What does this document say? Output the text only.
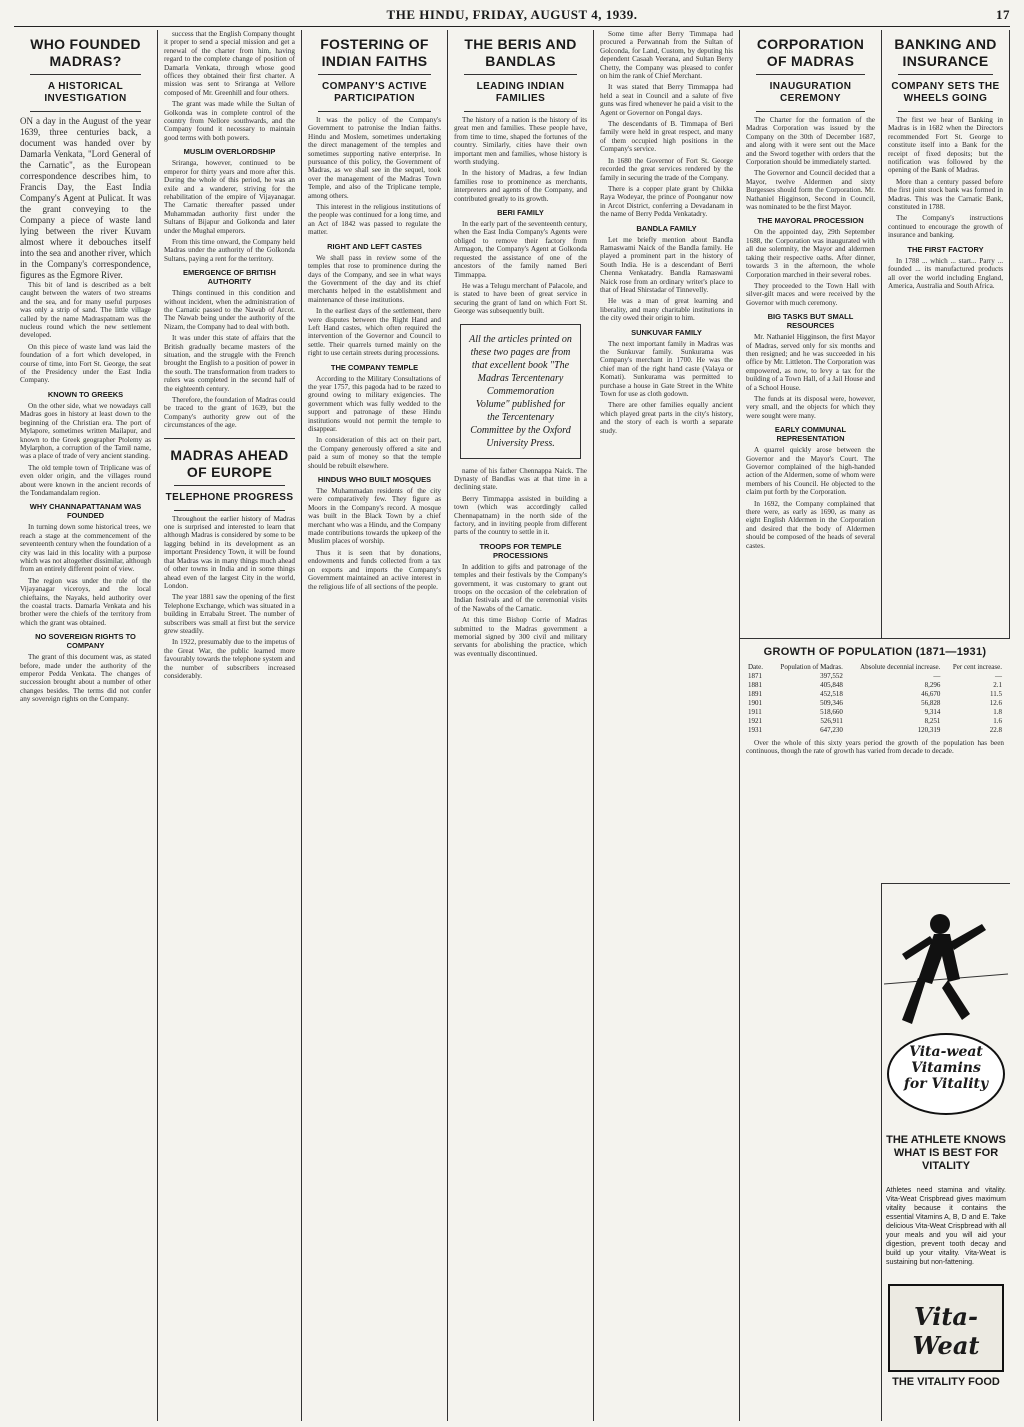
THE HINDU, FRIDAY, AUGUST 4, 1939.	17
WHO FOUNDED MADRAS?
A HISTORICAL INVESTIGATION
ON a day in the August of the year 1639, three centuries back, a document was handed over by Damarla Venkata, "Lord General of the Carnatic", as the European correspondence describes him, to Francis Day, the East India Company's Agent at Pulicat. It was the grant conveying to the Company a piece of waste land lying between the river Kuvam almost where it debouches itself into the sea and another river, which in the Company's correspondence, figures as the Egmore River.

This bit of land is described as a belt caught between the waters of two streams and the sea, and for many useful purposes was only a strip of sand. The little village called by the name Madraspatnam was the nucleus round which the new settlement developed.

On this piece of waste land was laid the foundation of a fort which developed, in course of time, into Fort St. George, the seat of the Presidency under the East India Company.

KNOWN TO GREEKS

On the other side, what we nowadays call Madras goes in history at least down to the beginning of the Christian era. The port of Mylapore, sometimes written Mailapur, and known to the Greek geographer Ptolemy as Mylarphon, a corruption of the Tamil name, was a place of trade of very ancient standing.

The old temple town of Triplicane was of even older origin, and the villages round about were known in the ancient records of the Tondamandalam region.

WHY CHANNAPATTANAM WAS FOUNDED

In turning down some historical trees, we reach a stage at the commencement of the seventeenth century when the foundation of a city was laid in this locality with a purpose which was not altogether dissimilar, although from an entirely different point of view.

The region was under the rule of the Vijayanagar viceroys, and the local chieftains, the Nayaks, held authority over the coastal tracts. Damarla Venkata and his brother were the chiefs of the territory from which the grant was obtained.

NO SOVEREIGN RIGHTS TO COMPANY

The grant of this document was, as stated before, made under the authority of the emperor Pedda Venkata. The changes of succession brought about a number of other changes besides. The terms did not confer any sovereign rights on the Company.

success that the English Company thought it proper to send a special mission and get a renewal of the charter from him, having regard to the complete change of position of Damarla Venkata, through whose good offices they obtained their first charter. A mission was sent to Sriranga at Vellore composed of Mr. Greenhill and four others.

The grant was made while the Sultan of Golkonda was in complete control of the country from Nellore southwards, and the Company found it necessary to maintain good terms with both powers.

MUSLIM OVERLORDSHIP

Sriranga, however, continued to be emperor for thirty years and more after this. During the whole of this period, he was an exile and a wanderer, striving for the rehabilitation of the empire of Vijayanagar. The Carnatic thereafter passed under Muhammadan authority first under the Sultans of Bijapur and Golkonda and later under the Mughal emperors.

From this time onward, the Company held Madras under the authority of the Golkonda Sultans, paying a rent for the territory.

EMERGENCE OF BRITISH AUTHORITY

Things continued in this condition and without incident, when the administration of the Carnatic passed to the Nawab of Arcot. The Nawab being under the authority of the Nizam, the Company had to deal with both.

It was under this state of affairs that the British gradually became masters of the situation, and the struggle with the French brought the English to a position of power in the south. The transformation from traders to rulers was completed in the second half of the eighteenth century.

Therefore, the foundation of Madras could be traced to the grant of 1639, but the Company's authority grew out of the circumstances of the age.

MADRAS AHEAD OF EUROPE
TELEPHONE PROGRESS

Throughout the earlier history of Madras one is surprised and interested to learn that although Madras is considered by some to be lagging behind in its development as an important Presidency Town, it will be found that Madras was in many things much ahead of other towns in India and in some things ahead even of the largest City in the world, London.

The year 1881 saw the opening of the first Telephone Exchange, which was situated in a building in Errabalu Street. The number of subscribers was small at first but the service grew steadily.

In 1922, presumably due to the impetus of the Great War, the public learned more favourably towards the telephone system and the number of subscribers increased considerably.

FOSTERING OF INDIAN FAITHS
COMPANY'S ACTIVE PARTICIPATION

It was the policy of the Company's Government to patronise the Indian faiths. Hindu and Moslem, sometimes undertaking the direct management of the temples and sometimes supporting native enterprise. In pursuance of this policy, the Government of Madras, as we shall see in the sequel, took over the management of the Madras Town Temple, and also of the Triplicane temple, among others.

This interest in the religious institutions of the people was continued for a long time, and an Act of 1842 was passed to regulate the matter.

RIGHT AND LEFT CASTES

We shall pass in review some of the temples that rose to prominence during the days of the Company, and see in what ways the Government of the day and its chief merchants helped in the establishment and maintenance of these institutions.

In the earliest days of the settlement, there were disputes between the Right Hand and Left Hand castes, which often required the intervention of the Governor and Council to settle. Their quarrels turned mainly on the right to use certain streets during processions.

THE COMPANY TEMPLE

According to the Military Consultations of the year 1757, this pagoda had to be razed to ground owing to military exigencies. The government which was fully wedded to the support and patronage of these Hindu institutions would not permit the temple to disappear.

In consideration of this act on their part, the Company generously offered a site and paid a sum of money so that the temple should be rebuilt elsewhere.

HINDUS WHO BUILT MOSQUES

The Muhammadan residents of the city were comparatively few. They figure as Moors in the Company's record. A mosque was built in the Black Town by a chief merchant who was a Hindu, and the Company made contributions towards the upkeep of the Muslim places of worship.

Thus it is seen that by donations, endowments and funds collected from a tax on exports and imports the Company's Government maintained an active interest in the religious life of all sections of the people.

THE BERIS AND BANDLAS
LEADING INDIAN FAMILIES

The history of a nation is the history of its great men and families. These people have, from time to time, shaped the fortunes of the country. Similarly, cities have their own important men and families, whose history is worth studying.

In the history of Madras, a few Indian families rose to prominence as merchants, interpreters and agents of the Company, and contributed greatly to its growth.

BERI FAMILY

In the early part of the seventeenth century, when the East India Company's Agents were obliged to remove their factory from Armagon, the Company's Agent at Golkonda requested the assistance of one of the ancestors of the family named Beri Timmappa.

He was a Telugu merchant of Palacole, and is stated to have been of great service in securing the grant of land on which Fort St. George was subsequently built.

All the articles printed on these two pages are from that excellent book "The Madras Tercentenary Commemoration Volume" published for the Tercentenary Committee by the Oxford University Press.

name of his father Chennappa Naick. The Dynasty of Bandlas was at that time in a declining state.

Berry Timmappa assisted in building a town (which was accordingly called Chennapatnam) in the north side of the factory, and in inviting people from different parts of the country to settle in it.

TROOPS FOR TEMPLE PROCESSIONS

In addition to gifts and patronage of the temples and their festivals by the Company's government, it was customary to grant out troops on the occasion of the celebration of Indian festivals and of the ceremonial visits of the Nawabs of the Carnatic.

At this time Bishop Corrie of Madras submitted to the Madras government a memorial signed by 300 civil and military servants for abolishing the practice, which was eventually discontinued.

Some time after Berry Timmapa had procured a Perwannah from the Sultan of Golconda, for Land, Custom, by deputing his dependent Casaah Veerana, and Sultan Berry Chetty, the Company was pleased to confer on him the rank of Chief Merchant.

It was stated that Berry Timmappa had held a seat in Council and a salute of five guns was fired whenever he paid a visit to the Agent or Governor on Pongal days.

The descendants of B. Timmapa of Beri family were held in great respect, and many of them occupied high positions in the Company's service.

In 1680 the Governor of Fort St. George recorded the great services rendered by the family in securing the trade of the Company.

There is a copper plate grant by Chikka Raya Wodeyar, the prince of Poonganur now in Arcot District, conferring a Devadanam in the name of Berry Pedda Venkatadry.

BANDLA FAMILY

Let me briefly mention about Bandla Ramaswami Naick of the Bandla family. He played a prominent part in the history of South India. He is a descendant of Berri Chenna Venkatadry. Bandla Ramaswami Naick rose from an ordinary writer's place to that of Head Shirstadar of Tinnevelly.

He was a man of great learning and liberality, and many charitable institutions in the city owed their origin to him.

SUNKUVAR FAMILY

The next important family in Madras was the Sunkuvar family. Sunkurama was Company's merchant in 1700. He was the chief man of the right hand caste (Valaya or Komati). Sunkurama was permitted to purchase a house in Gate Street in the White Town for use as cloth godown.

There are other families equally ancient which played great parts in the city's history, and the story of each is worth a separate study.

CORPORATION OF MADRAS
INAUGURATION CEREMONY

The Charter for the formation of the Madras Corporation was issued by the Company on the 30th of December 1687, and along with it were sent out the Mace and the Sword together with orders that the Corporation should be immediately started.

The Governor and Council decided that a Mayor, twelve Aldermen and sixty Burgesses should form the Corporation. Mr. Nathaniel Higginson, Second in Council, was nominated to be the first Mayor.

THE MAYORAL PROCESSION

On the appointed day, 29th September 1688, the Corporation was inaugurated with all due solemnity, the Mayor and aldermen taking their respective oaths. After dinner, towards 3 in the afternoon, the whole Corporation marched in their several robes.

They proceeded to the Town Hall with silver-gilt maces and were received by the Governor with much ceremony.

BIG TASKS BUT SMALL RESOURCES

Mr. Nathaniel Higginson, the first Mayor of Madras, served only for six months and then resigned; and he was succeeded in his office by Mr. Littleton. The Corporation was empowered, as now, to levy a tax for the building of a Town Hall, of a Jail House and of a School House.

The funds at its disposal were, however, very small, and the objects for which they were sought were many.

EARLY COMMUNAL REPRESENTATION

A quarrel quickly arose between the Governor and the Mayor's Court. The Governor complained of the high-handed action of the Aldermen, some of whom were members of his Council. He objected to the claim put forth by the Corporation.

In 1692, the Company complained that there were, as early as 1690, as many as eight English Aldermen in the Corporation and desired that the body of Aldermen should be composed of the heads of several castes.

BANKING AND INSURANCE
COMPANY SETS THE WHEELS GOING

The first we hear of Banking in Madras is in 1682 when the Directors recommended Fort St. George to constitute itself into a Bank for the receipt of fixed deposits; but the notification was followed by the opening of the Bank of Madras.

More than a century passed before the first joint stock bank was formed in Madras. This was the Carnatic Bank, constituted in 1788.

The Company's instructions continued to encourage the growth of insurance and banking.

THE FIRST FACTORY

In 1788 ... which ... start... Parry ... founded ... its manufactured products all over the world including England, America, Australia and South Africa.

GROWTH OF POPULATION (1871—1931)
Date.	Population of Madras.	Absolute decennial increase.	Per cent increase.
1871	397,552	—	—
1881	405,848	8,296	2.1
1891	452,518	46,670	11.5
1901	509,346	56,828	12.6
1911	518,660	9,314	1.8
1921	526,911	8,251	1.6
1931	647,230	120,319	22.8

Over the whole of this sixty years period the growth of the population has been continuous, though the rate of growth has varied from decade to decade.

Vita-weat
Vitamins
for Vitality
THE ATHLETE KNOWS WHAT IS BEST FOR VITALITY
Athletes need stamina and vitality. Vita-Weat Crispbread gives maximum vitality because it contains the essential Vitamins A, B, D and E. Take delicious Vita-Weat Crispbread with all your meals and you will aid your digestion, prevent tooth decay and build up your vitality. Vita-Weat is sustaining but non-fattening.
Vita-Weat
THE VITALITY FOOD
